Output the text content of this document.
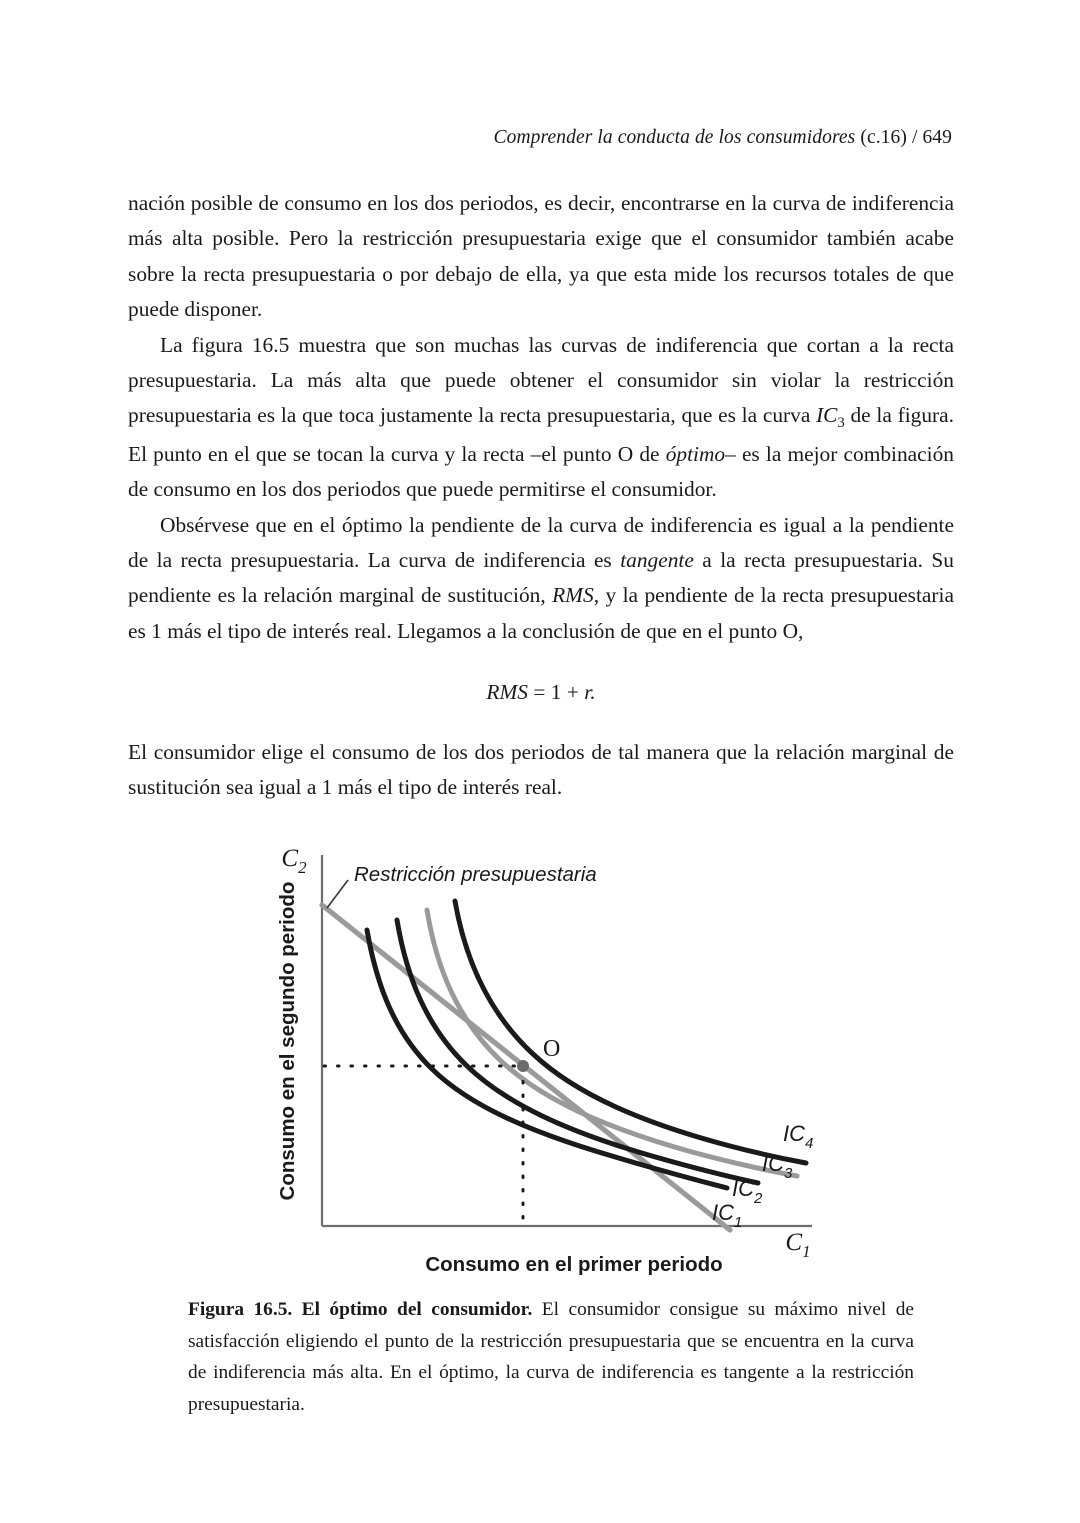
Comprender la conducta de los consumidores (c.16) / 649

nación posible de consumo en los dos periodos, es decir, encontrarse en la curva de indiferencia más alta posible. Pero la restricción presupuestaria exige que el consumidor también acabe sobre la recta presupuestaria o por debajo de ella, ya que esta mide los recursos totales de que puede disponer.

La figura 16.5 muestra que son muchas las curvas de indiferencia que cortan a la recta presupuestaria. La más alta que puede obtener el consumidor sin violar la restricción presupuestaria es la que toca justamente la recta presupuestaria, que es la curva $IC_3$ de la figura. El punto en el que se tocan la curva y la recta –el punto O de óptimo– es la mejor combinación de consumo en los dos periodos que puede permitirse el consumidor.

Obsérvese que en el óptimo la pendiente de la curva de indiferencia es igual a la pendiente de la recta presupuestaria. La curva de indiferencia es tangente a la recta presupuestaria. Su pendiente es la relación marginal de sustitución, RMS, y la pendiente de la recta presupuestaria es 1 más el tipo de interés real. Llegamos a la conclusión de que en el punto O,

RMS = 1 + r.

El consumidor elige el consumo de los dos periodos de tal manera que la relación marginal de sustitución sea igual a 1 más el tipo de interés real.

$C_2$
$C_1$
Restricción presupuestaria
O
$IC_4$
$IC_3$
$IC_2$
$IC_1$
Consumo en el segundo periodo
Consumo en el primer periodo
Figura 16.5. El óptimo del consumidor. El consumidor consigue su máximo nivel de satisfacción eligiendo el punto de la restricción presupuestaria que se encuentra en la curva de indiferencia más alta. En el óptimo, la curva de indiferencia es tangente a la restricción presupuestaria.
